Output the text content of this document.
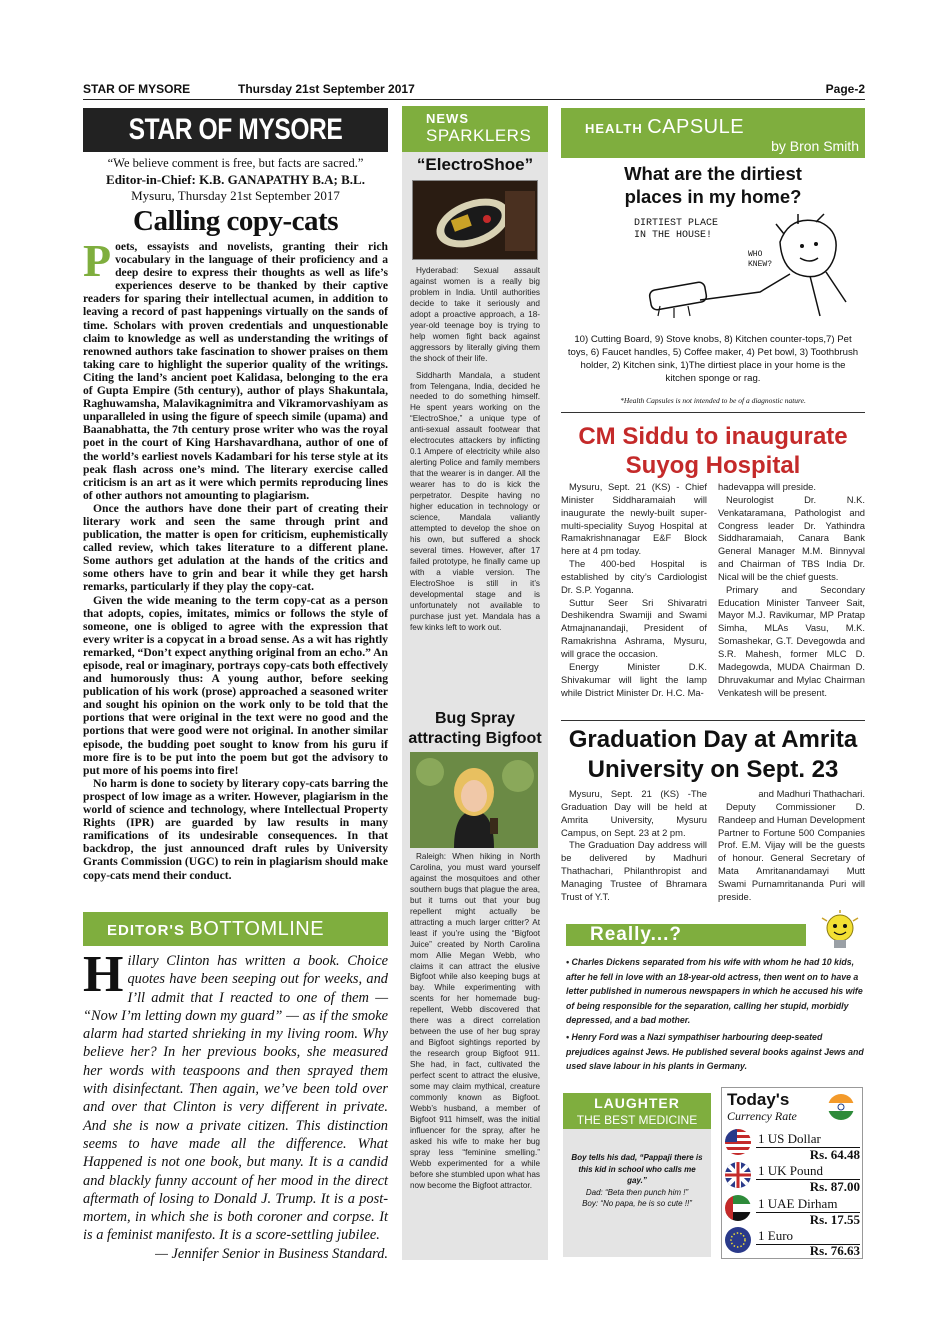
STAR OF MYSORE	Thursday 21st September 2017	Page-2
STAR OF MYSORE
“We believe comment is free, but facts are sacred.”
Editor-in-Chief: K.B. GANAPATHY B.A; B.L.
Mysuru, Thursday 21st September 2017
Calling copy-cats

Poets, essayists and novelists, granting their rich vocabulary in the language of their proficiency and a deep desire to express their thoughts as well as life’s experiences deserve to be thanked by their captive readers for sparing their intellectual acumen, in addition to leaving a record of past happenings virtually on the sands of time. Scholars with proven credentials and unquestionable claim to knowledge as well as understanding the writings of renowned authors take fascination to shower praises on them taking care to highlight the superior quality of the writings. Citing the land’s ancient poet Kalidasa, belonging to the era of Gupta Empire (5th century), author of plays Shakuntala, Raghuwamsha, Malavikagnimitra and Vikramorvashiyam as unparalleled in using the figure of speech simile (upama) and Baanabhatta, the 7th century prose writer who was the royal poet in the court of King Harshavardhana, author of one of the world’s earliest novels Kadambari for his terse style at its peak flash across one’s mind. The literary exercise called criticism is an art as it were which permits reproducing lines of other authors not amounting to plagiarism.

Once the authors have done their part of creating their literary work and seen the same through print and publication, the matter is open for criticism, euphemistically called review, which takes literature to a different plane. Some authors get adulation at the hands of the critics and some others have to grin and bear it while they get harsh remarks, particularly if they play the copy-cat.

Given the wide meaning to the term copy-cat as a person that adopts, copies, imitates, mimics or follows the style of someone, one is obliged to agree with the expression that every writer is a copycat in a broad sense. As a wit has rightly remarked, “Don’t expect anything original from an echo.” An episode, real or imaginary, portrays copy-cats both effectively and humorously thus: A young author, before seeking publication of his work (prose) approached a seasoned writer and sought his opinion on the work only to be told that the portions that were original in the text were no good and the portions that were good were not original. In another similar episode, the budding poet sought to know from his guru if more fire is to be put into the poem but got the advisory to put more of his poems into fire!

No harm is done to society by literary copy-cats barring the prospect of low image as a writer. However, plagiarism in the world of science and technology, where Intellectual Property Rights (IPR) are guarded by law results in many ramifications of its undesirable consequences. In that backdrop, the just announced draft rules by University Grants Commission (UGC) to rein in plagiarism should make copy-cats mend their conduct.

EDITOR'S BOTTOMLINE

Hillary Clinton has written a book. Choice quotes have been seeping out for weeks, and I’ll admit that I reacted to one of them — “Now I’m letting down my guard” — as if the smoke alarm had started shrieking in my living room. Why believe her? In her previous books, she measured her words with teaspoons and then sprayed them with disinfectant. Then again, we’ve been told over and over that Clinton is very different in private. And she is now a private citizen. This distinction seems to have made all the difference. What Happened is not one book, but many. It is a candid and blackly funny account of her mood in the direct aftermath of losing to Donald J. Trump. It is a post-mortem, in which she is both coroner and corpse. It is a feminist manifesto. It is a score-settling jubilee.

— Jennifer Senior in Business Standard.

NEWS
SPARKLERS
“ElectroShoe”

Hyderabad: Sexual assault against women is a really big problem in India. Until authorities decide to take it seriously and adopt a proactive approach, a 18-year-old teenage boy is trying to help women fight back against aggressors by literally giving them the shock of their life.

Siddharth Mandala, a student from Telengana, India, decided he needed to do something himself. He spent years working on the “ElectroShoe,” a unique type of anti-sexual assault footwear that electrocutes attackers by inflicting 0.1 Ampere of electricity while also alerting Police and family members that the wearer is in danger. All the wearer has to do is kick the perpetrator. Despite having no higher education in technology or science, Mandala valiantly attempted to develop the shoe on his own, but suffered a shock several times. However, after 17 failed prototype, he finally came up with a viable version. The ElectroShoe is still in it’s developmental stage and is unfortunately not available to purchase just yet. Mandala has a few kinks left to work out.

Bug Spray
attracting Bigfoot

Raleigh: When hiking in North Carolina, you must ward yourself against the mosquitoes and other southern bugs that plague the area, but it turns out that your bug repellent might actually be attracting a much larger critter? At least if you’re using the “Bigfoot Juice” created by North Carolina mom Allie Megan Webb, who claims it can attract the elusive Bigfoot while also keeping bugs at bay. While experimenting with scents for her homemade bug-repellent, Webb discovered that there was a direct correlation between the use of her bug spray and Bigfoot sightings reported by the research group Bigfoot 911. She had, in fact, cultivated the perfect scent to attract the elusive, some may claim mythical, creature commonly known as Bigfoot. Webb’s husband, a member of Bigfoot 911 himself, was the initial influencer for the spray, after he asked his wife to make her bug spray less “feminine smelling.” Webb experimented for a while before she stumbled upon what has now become the Bigfoot attractor.

HEALTH CAPSULE
by Bron Smith
What are the dirtiest
places in my home?
DIRTIEST PLACE
IN THE HOUSE!
WHO
KNEW?
10) Cutting Board, 9) Stove knobs, 8) Kitchen counter-tops,7) Pet toys, 6) Faucet handles, 5) Coffee maker, 4) Pet bowl, 3) Toothbrush holder, 2) Kitchen sink, 1)The dirtiest place in your home is the kitchen sponge or rag.
*Health Capsules is not intended to be of a diagnostic nature.
CM Siddu to inaugurate
Suyog Hospital

Mysuru, Sept. 21 (KS) - Chief Minister Siddharamaiah will inaugurate the newly-built super-multi-speciality Suyog Hospital at Ramakrishnanagar E&F Block here at 4 pm today.

The 400-bed Hospital is established by city’s Cardiologist Dr. S.P. Yoganna.

Suttur Seer Sri Shivaratri Deshikendra Swamiji and Swami Atmajnanandaji, President of Ramakrishna Ashrama, Mysuru, will grace the occasion.

Energy Minister D.K. Shivakumar will light the lamp while District Minister Dr. H.C. Ma-

hadevappa will preside.

Neurologist Dr. N.K. Venkataramana, Pathologist and Congress leader Dr. Yathindra Siddharamaiah, Canara Bank General Manager M.M. Binnyval and Chairman of TBS India Dr. Nical will be the chief guests.

Primary and Secondary Education Minister Tanveer Sait, Mayor M.J. Ravikumar, MP Pratap Simha, MLAs Vasu, M.K. Somashekar, G.T. Devegowda and S.R. Mahesh, former MLC D. Madegowda, MUDA Chairman D. Dhruvakumar and Mylac Chairman Venkatesh will be present.

Graduation Day at Amrita
University on Sept. 23

Mysuru, Sept. 21 (KS) -The Graduation Day will be held at Amrita University, Mysuru Campus, on Sept. 23 at 2 pm.

The Graduation Day address will be delivered by Madhuri Thathachari, Philanthropist and Managing Trustee of Bhramara Trust of Y.T.

and Madhuri Thathachari.

Deputy Commissioner D. Randeep and Human Development Partner to Fortune 500 Companies Prof. E.M. Vijay will be the guests of honour. General Secretary of Mata Amritanandamayi Mutt Swami Purnamritananda Puri will preside.

Really...?
• Charles Dickens separated from his wife with whom he had 10 kids, after he fell in love with an 18-year-old actress, then went on to have a letter published in numerous newspapers in which he accused his wife of being responsible for the separation, calling her stupid, morbidly depressed, and a bad mother.
• Henry Ford was a Nazi sympathiser harbouring deep-seated prejudices against Jews. He published several books against Jews and used slave labour in his plants in Germany.
LAUGHTER
THE BEST MEDICINE
Boy tells his dad, “Pappaji there is this kid in school who calls me gay.”
Dad: “Beta then punch him !”
Boy: “No papa, he is so cute !!”
Today's
Currency Rate
1 US Dollar
Rs. 64.48
1 UK Pound
Rs. 87.00
1 UAE Dirham
Rs. 17.55
1 Euro
Rs. 76.63
